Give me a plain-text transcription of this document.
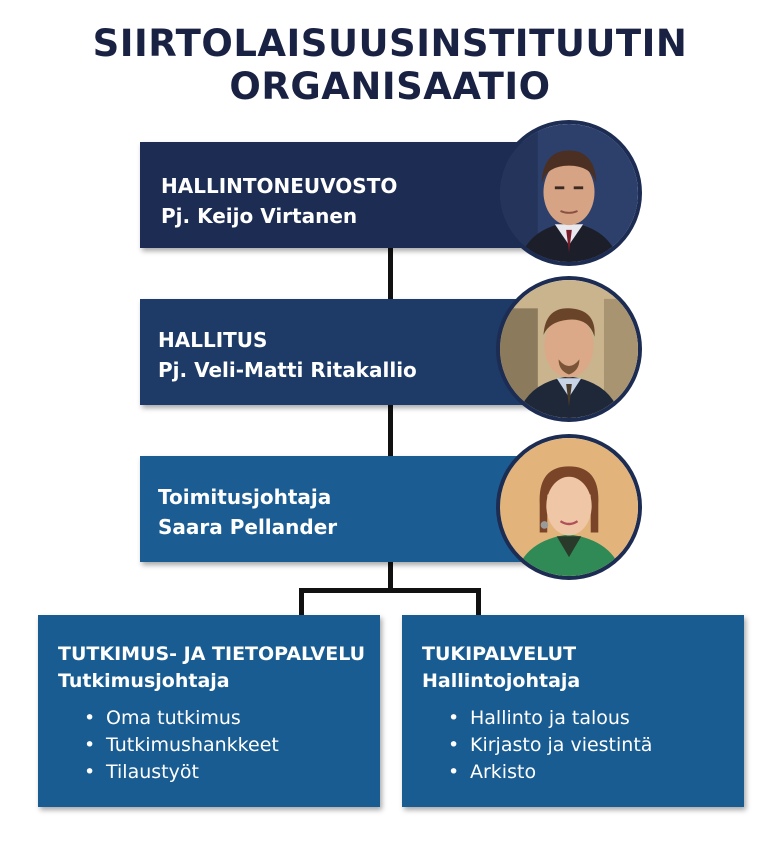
SIIRTOLAISUUSINSTITUUTIN ORGANISAATIO
HALLINTONEUVOSTO
Pj. Keijo Virtanen
HALLITUS
Pj. Veli-Matti Ritakallio
Toimitusjohtaja
Saara Pellander
TUTKIMUS- JA TIETOPALVELU
Tutkimusjohtaja
• Oma tutkimus
• Tutkimushankkeet
• Tilaustyöt
TUKIPALVELUT
Hallintojohtaja
• Hallinto ja talous
• Kirjasto ja viestintä
• Arkisto
